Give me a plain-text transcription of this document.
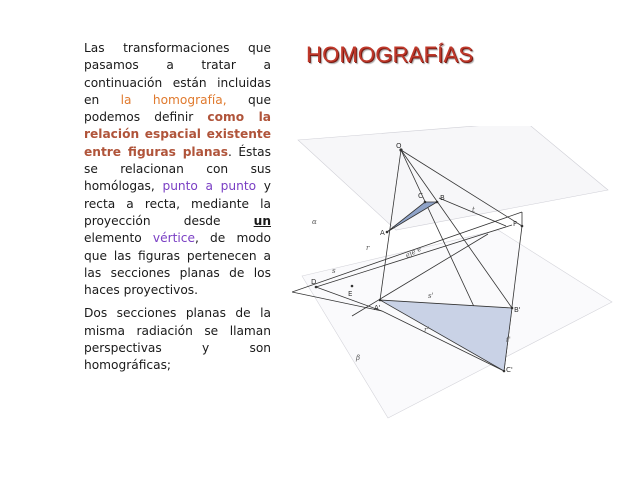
Las transformaciones que pasamos a tratar a continuación están incluidas en la homografía, que podemos definir como la relación espacial existente entre figuras planas. Éstas se relacionan con sus homólogas, punto a punto y recta a recta, mediante la proyección desde un elemento vértice, de modo que las figuras pertenecen a las secciones planas de los haces proyectivos.

Dos secciones planas de la misma radiación se llaman perspectivas y son homográficas;

HOMOGRAFÍAS
O
C B
A
F
D
E
A'	B'
C'
r
s
s'
r'
t
t'
eje e
α
β
